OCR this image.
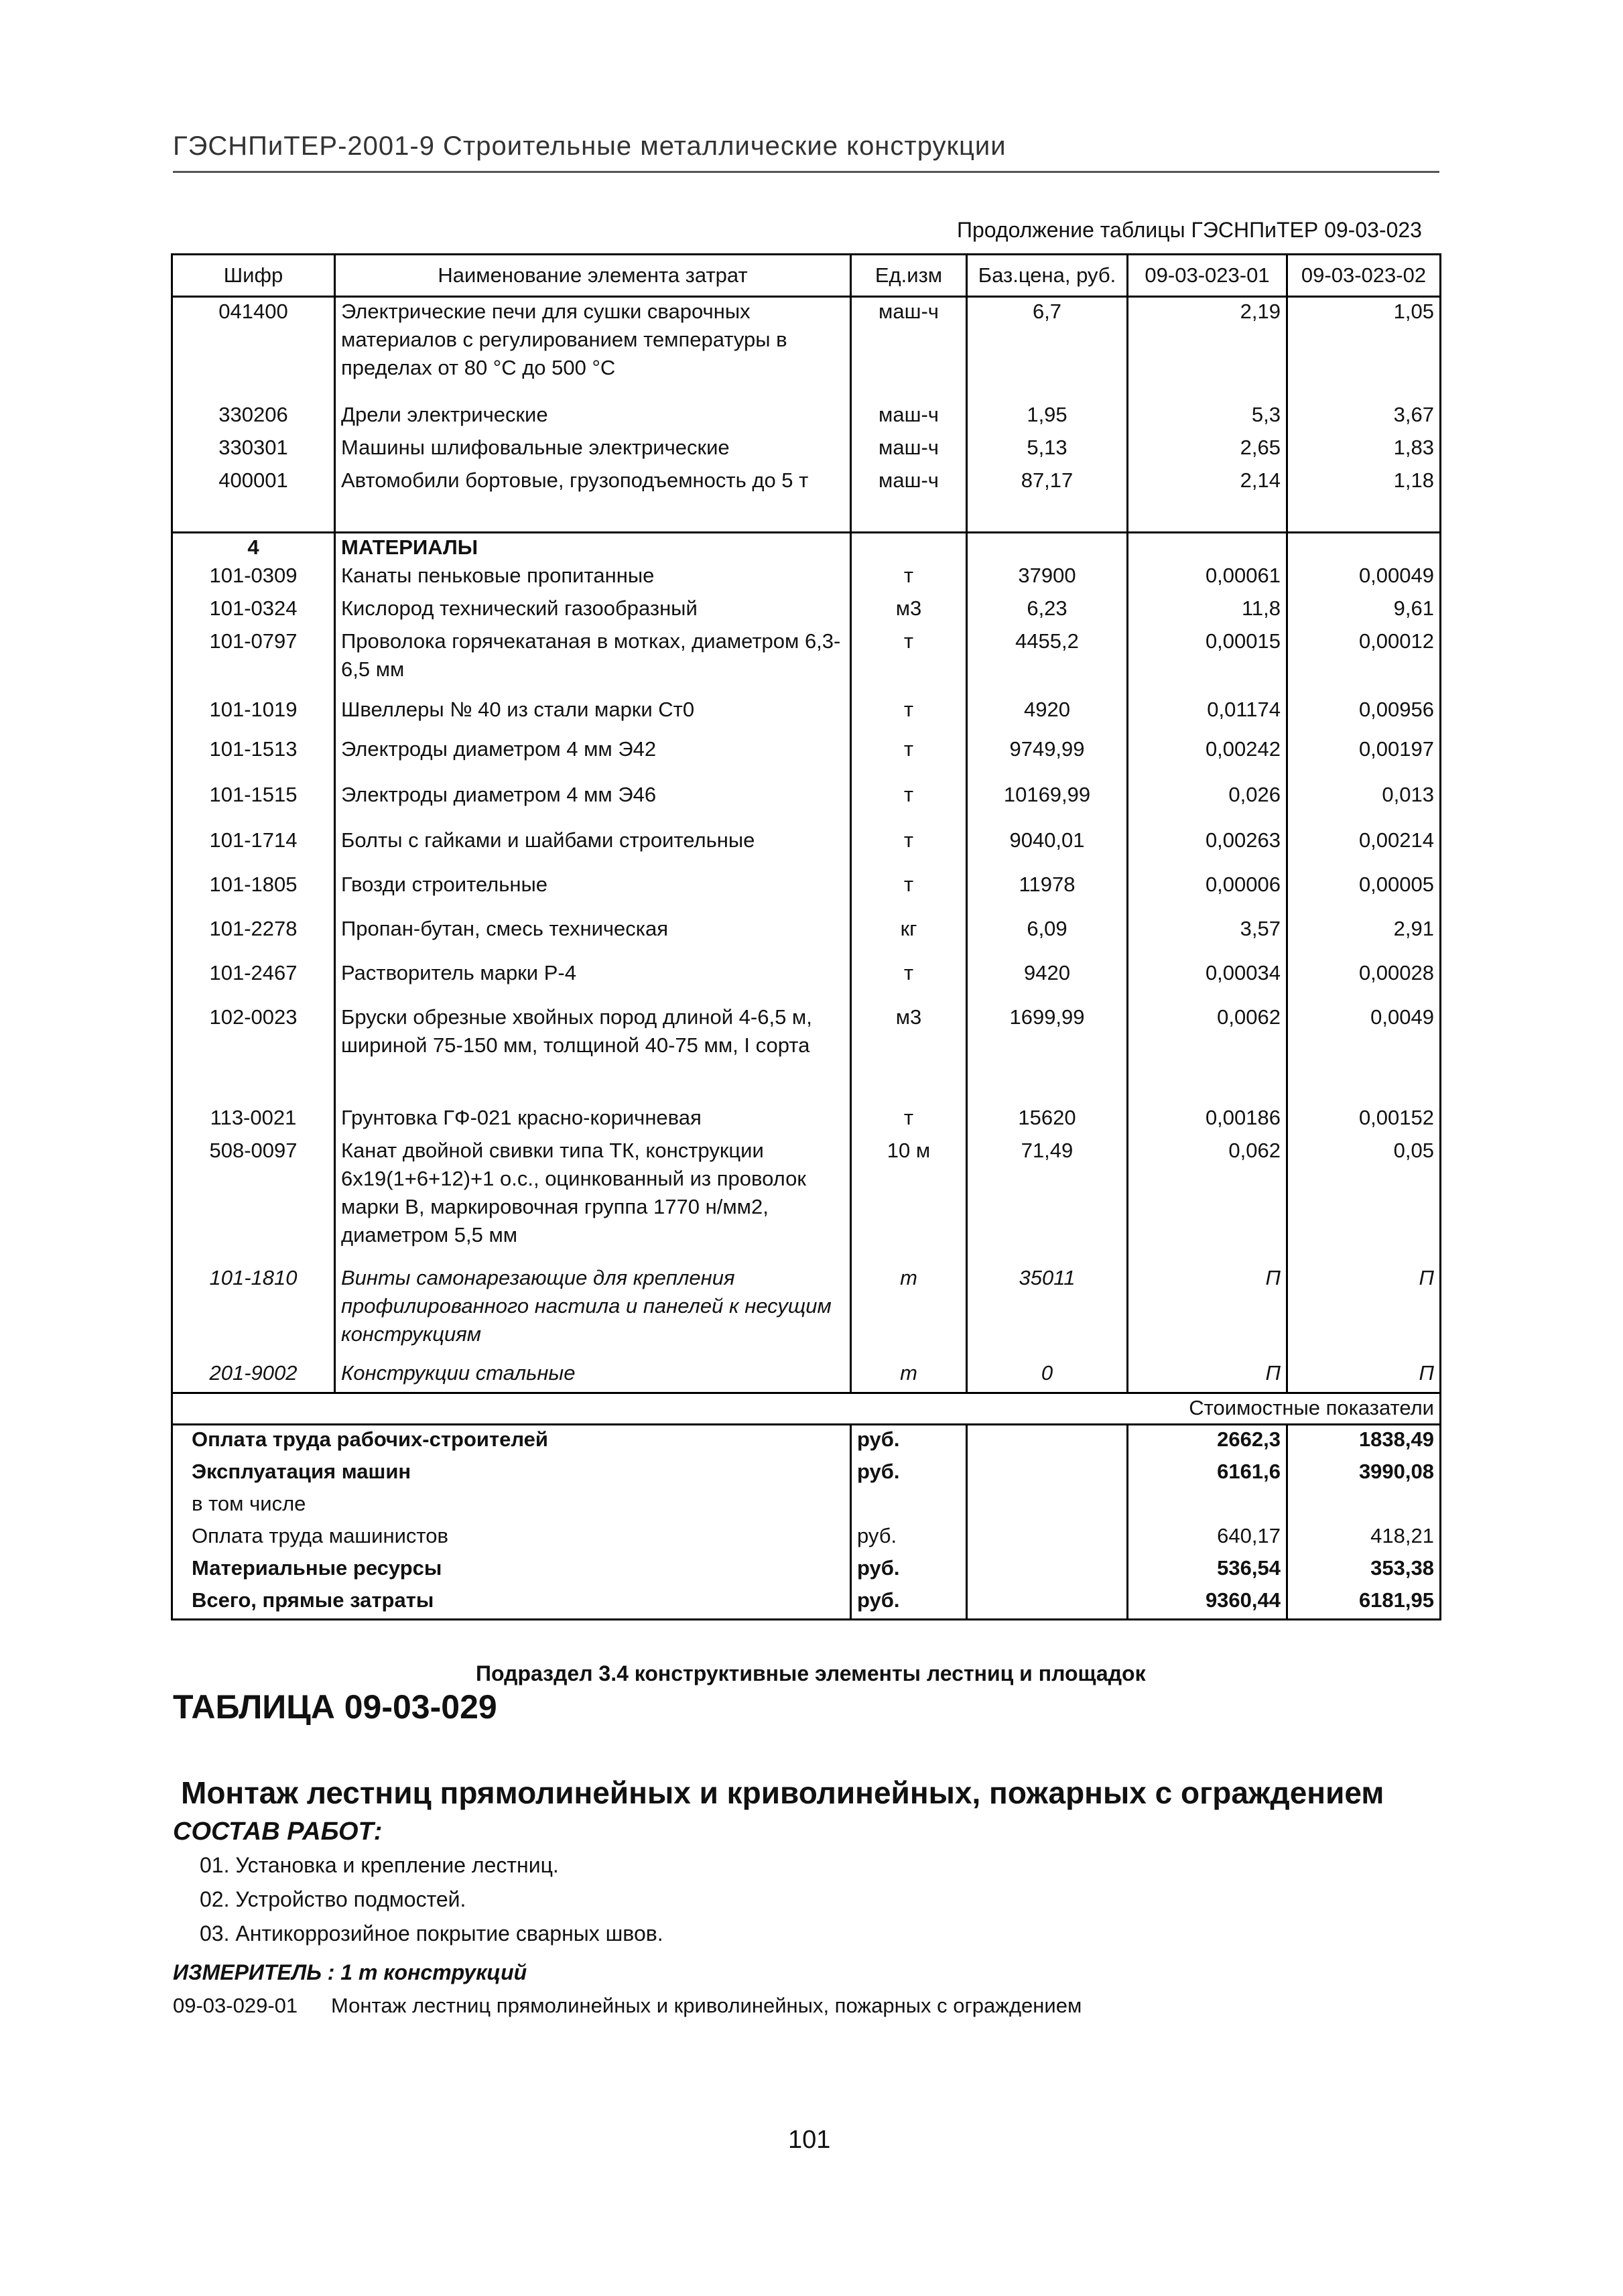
ГЭСНПиТЕР-2001-9 Строительные металлические конструкции
Продолжение таблицы ГЭСНПиТЕР 09-03-023
Шифр	Наименование элемента затрат	Ед.изм	Баз.цена, руб.	09-03-023-01	09-03-023-02
041400	Электрические печи для сушки сварочных материалов с регулированием температуры в пределах от 80 °С до 500 °С	маш-ч	6,7	2,19	1,05
330206	Дрели электрические	маш-ч	1,95	5,3	3,67
330301	Машины шлифовальные электрические	маш-ч	5,13	2,65	1,83
400001	Автомобили бортовые, грузоподъемность до 5 т	маш-ч	87,17	2,14	1,18

4	МАТЕРИАЛЫ				
101-0309	Канаты пеньковые пропитанные	т	37900	0,00061	0,00049
101-0324	Кислород технический газообразный	м3	6,23	11,8	9,61
101-0797	Проволока горячекатаная в мотках, диаметром 6,3-6,5 мм	т	4455,2	0,00015	0,00012
101-1019	Швеллеры № 40 из стали марки Ст0	т	4920	0,01174	0,00956
101-1513	Электроды диаметром 4 мм Э42	т	9749,99	0,00242	0,00197
101-1515	Электроды диаметром 4 мм Э46	т	10169,99	0,026	0,013
101-1714	Болты с гайками и шайбами строительные	т	9040,01	0,00263	0,00214
101-1805	Гвозди строительные	т	11978	0,00006	0,00005
101-2278	Пропан-бутан, смесь техническая	кг	6,09	3,57	2,91
101-2467	Растворитель марки Р-4	т	9420	0,00034	0,00028
102-0023	Бруски обрезные хвойных пород длиной 4-6,5 м, шириной 75-150 мм, толщиной 40-75 мм, I сорта	м3	1699,99	0,0062	0,0049
113-0021	Грунтовка ГФ-021 красно-коричневая	т	15620	0,00186	0,00152
508-0097	Канат двойной свивки типа ТК, конструкции 6х19(1+6+12)+1 о.с., оцинкованный из проволок марки В, маркировочная группа 1770 н/мм2, диаметром 5,5 мм	10 м	71,49	0,062	0,05
101-1810	Винты самонарезающие для крепления профилированного настила и панелей к несущим конструкциям	т	35011	П	П
201-9002	Конструкции стальные	т	0	П	П
Стоимостные показатели					
Оплата труда рабочих-строителей		руб.		2662,3	1838,49
Эксплуатация машин		руб.		6161,6	3990,08
в том числе					
Оплата труда машинистов		руб.		640,17	418,21
Материальные ресурсы		руб.		536,54	353,38
Всего, прямые затраты		руб.		9360,44	6181,95
Подраздел 3.4 конструктивные элементы лестниц и площадок
ТАБЛИЦА 09-03-029
Монтаж лестниц прямолинейных и криволинейных, пожарных с ограждением
СОСТАВ РАБОТ:
01. Установка и крепление лестниц.
02. Устройство подмостей.
03. Антикоррозийное покрытие сварных швов.
ИЗМЕРИТЕЛЬ : 1 т конструкций
09-03-029-01 Монтаж лестниц прямолинейных и криволинейных, пожарных с ограждением
101
